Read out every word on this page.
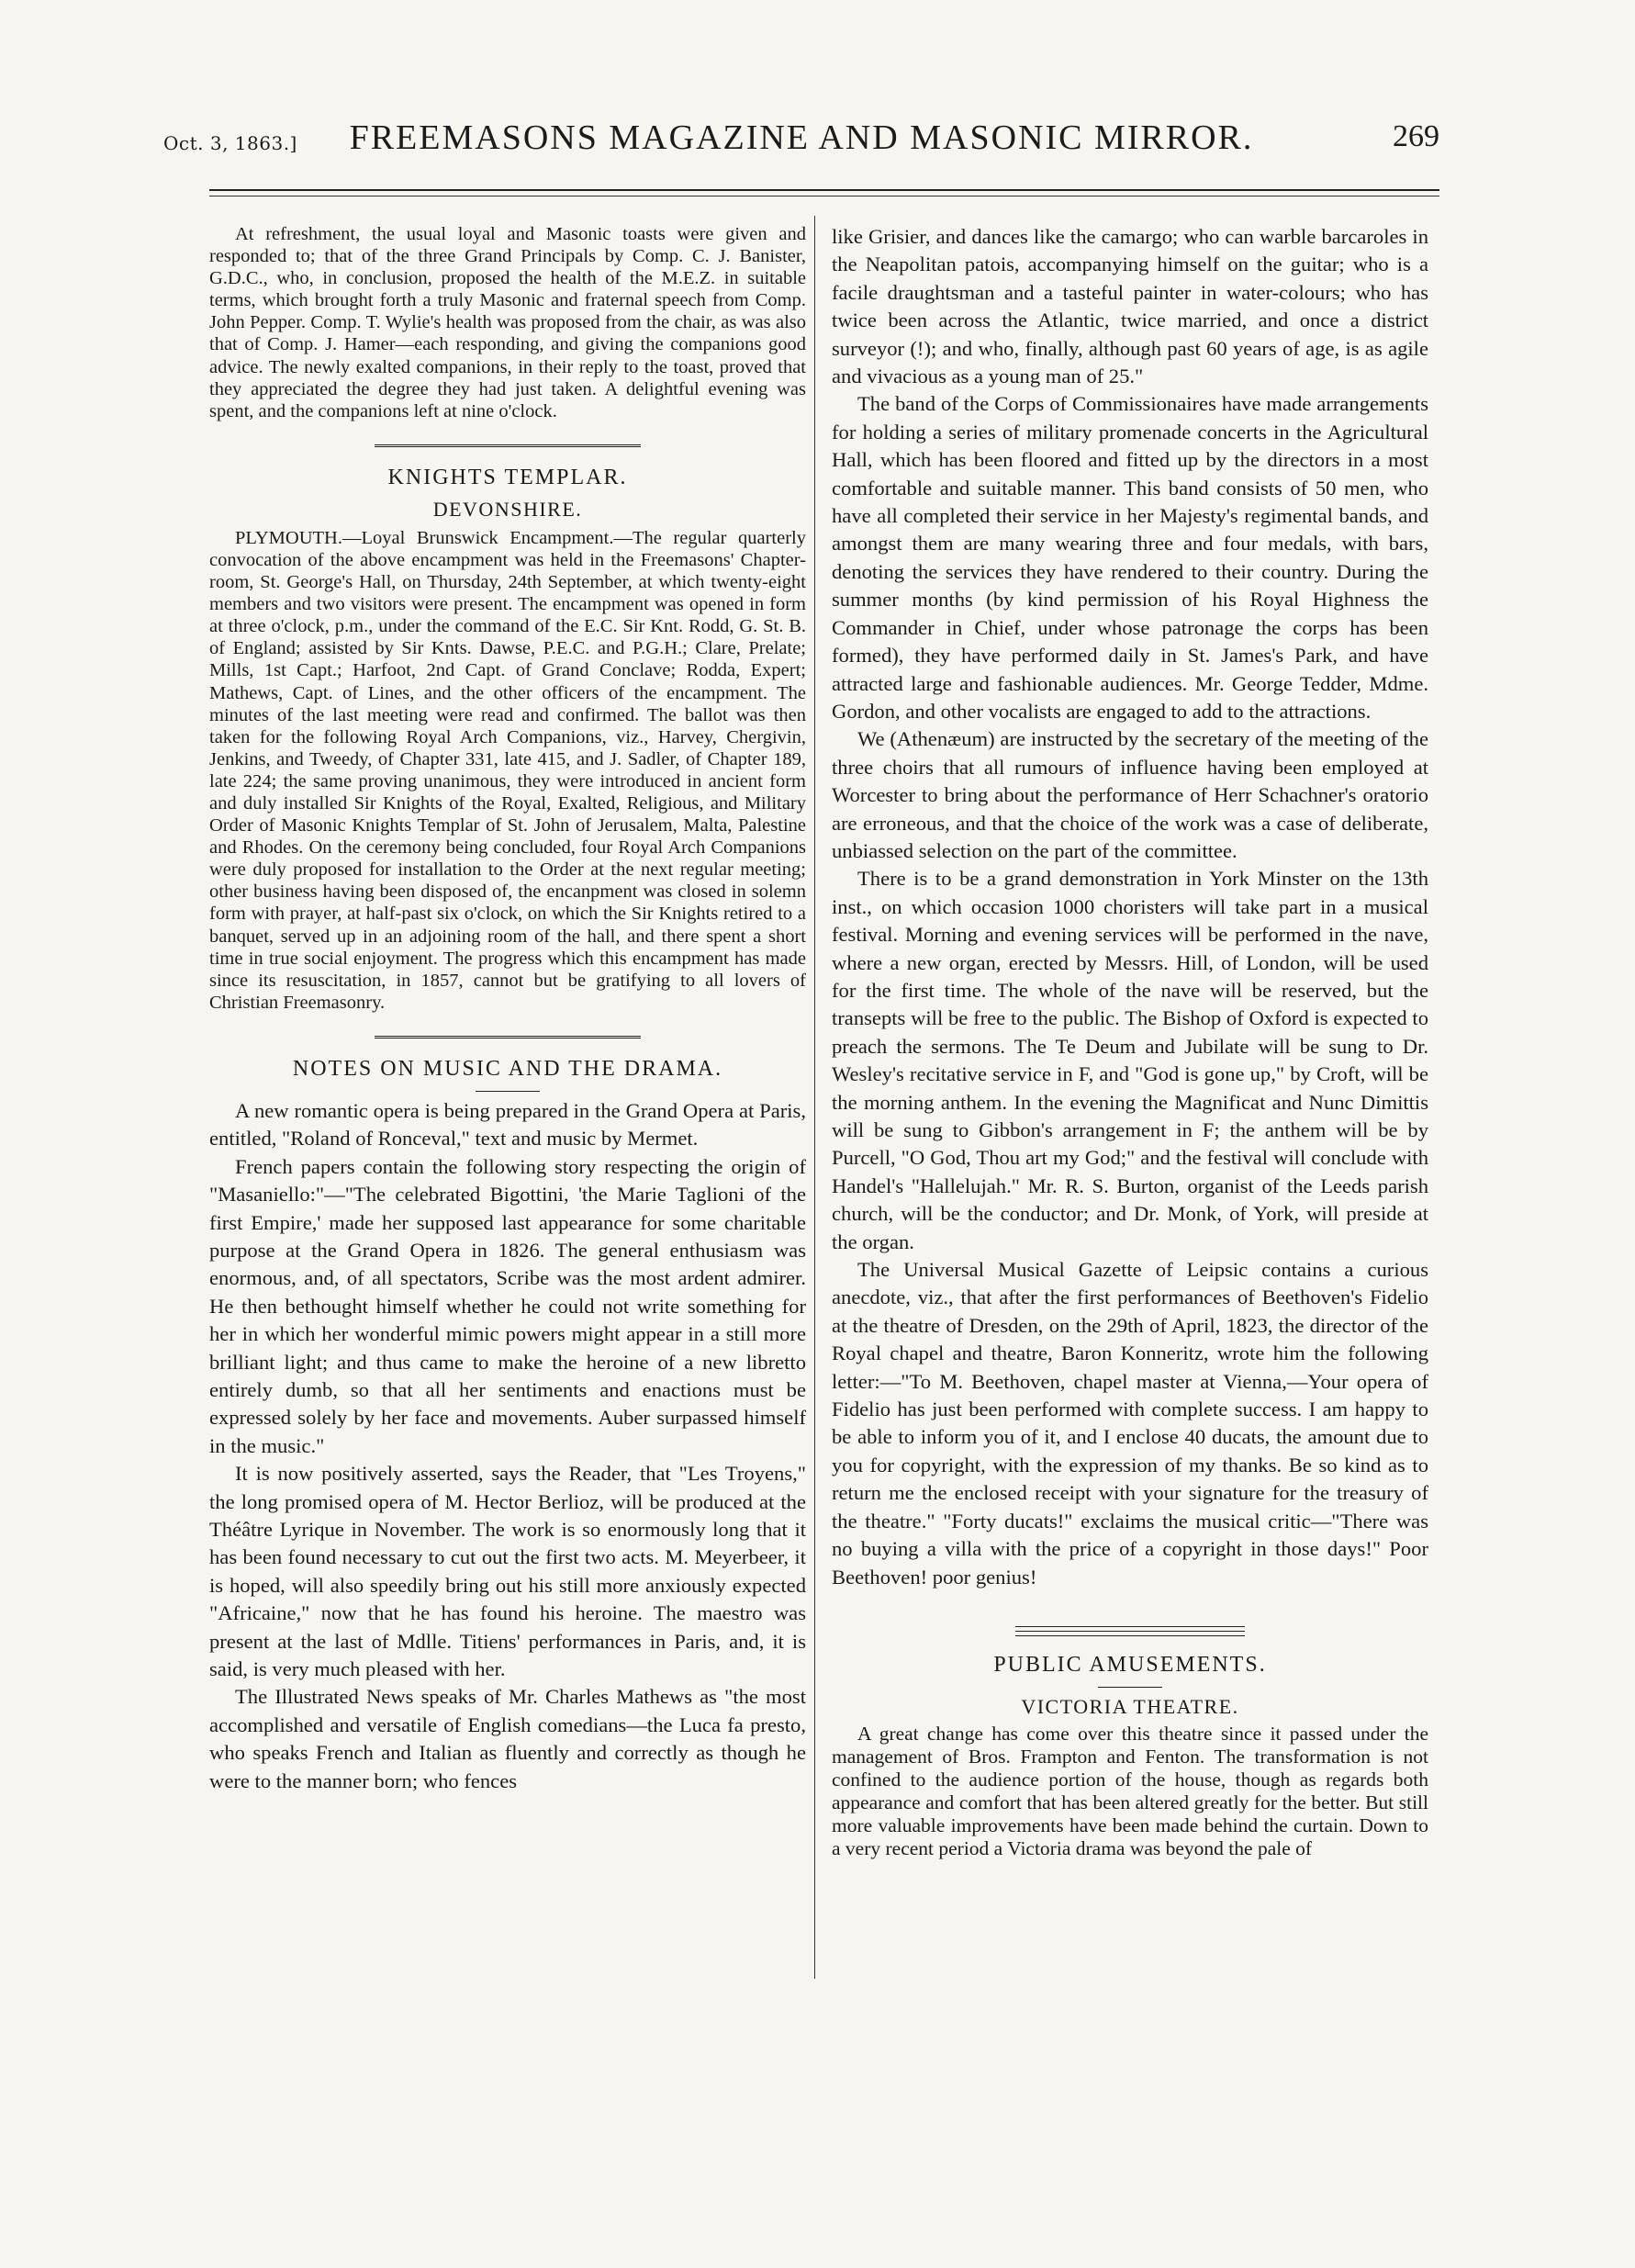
Oct. 3, 1863.]	FREEMASONS MAGAZINE AND MASONIC MIRROR.	269

At refreshment, the usual loyal and Masonic toasts were given and responded to; that of the three Grand Principals by Comp. C. J. Banister, G.D.C., who, in conclusion, proposed the health of the M.E.Z. in suitable terms, which brought forth a truly Masonic and fraternal speech from Comp. John Pepper. Comp. T. Wylie's health was proposed from the chair, as was also that of Comp. J. Hamer—each responding, and giving the companions good advice. The newly exalted companions, in their reply to the toast, proved that they appreciated the degree they had just taken. A delightful evening was spent, and the companions left at nine o'clock.

KNIGHTS TEMPLAR.
DEVONSHIRE.

PLYMOUTH.—Loyal Brunswick Encampment.—The regular quarterly convocation of the above encampment was held in the Freemasons' Chapter-room, St. George's Hall, on Thursday, 24th September, at which twenty-eight members and two visitors were present. The encampment was opened in form at three o'clock, p.m., under the command of the E.C. Sir Knt. Rodd, G. St. B. of England; assisted by Sir Knts. Dawse, P.E.C. and P.G.H.; Clare, Prelate; Mills, 1st Capt.; Harfoot, 2nd Capt. of Grand Conclave; Rodda, Expert; Mathews, Capt. of Lines, and the other officers of the encampment. The minutes of the last meeting were read and confirmed. The ballot was then taken for the following Royal Arch Companions, viz., Harvey, Chergivin, Jenkins, and Tweedy, of Chapter 331, late 415, and J. Sadler, of Chapter 189, late 224; the same proving unanimous, they were introduced in ancient form and duly installed Sir Knights of the Royal, Exalted, Religious, and Military Order of Masonic Knights Templar of St. John of Jerusalem, Malta, Palestine and Rhodes. On the ceremony being concluded, four Royal Arch Companions were duly proposed for installation to the Order at the next regular meeting; other business having been disposed of, the encanpment was closed in solemn form with prayer, at half-past six o'clock, on which the Sir Knights retired to a banquet, served up in an adjoining room of the hall, and there spent a short time in true social enjoyment. The progress which this encampment has made since its resuscitation, in 1857, cannot but be gratifying to all lovers of Christian Freemasonry.

NOTES ON MUSIC AND THE DRAMA.

A new romantic opera is being prepared in the Grand Opera at Paris, entitled, "Roland of Ronceval," text and music by Mermet.

French papers contain the following story respecting the origin of "Masaniello:"—"The celebrated Bigottini, 'the Marie Taglioni of the first Empire,' made her supposed last appearance for some charitable purpose at the Grand Opera in 1826. The general enthusiasm was enormous, and, of all spectators, Scribe was the most ardent admirer. He then bethought himself whether he could not write something for her in which her wonderful mimic powers might appear in a still more brilliant light; and thus came to make the heroine of a new libretto entirely dumb, so that all her sentiments and enactions must be expressed solely by her face and movements. Auber surpassed himself in the music."

It is now positively asserted, says the Reader, that "Les Troyens," the long promised opera of M. Hector Berlioz, will be produced at the Théâtre Lyrique in November. The work is so enormously long that it has been found necessary to cut out the first two acts. M. Meyerbeer, it is hoped, will also speedily bring out his still more anxiously expected "Africaine," now that he has found his heroine. The maestro was present at the last of Mdlle. Titiens' performances in Paris, and, it is said, is very much pleased with her.

The Illustrated News speaks of Mr. Charles Mathews as "the most accomplished and versatile of English comedians—the Luca fa presto, who speaks French and Italian as fluently and correctly as though he were to the manner born; who fences

like Grisier, and dances like the camargo; who can warble barcaroles in the Neapolitan patois, accompanying himself on the guitar; who is a facile draughtsman and a tasteful painter in water-colours; who has twice been across the Atlantic, twice married, and once a district surveyor (!); and who, finally, although past 60 years of age, is as agile and vivacious as a young man of 25."

The band of the Corps of Commissionaires have made arrangements for holding a series of military promenade concerts in the Agricultural Hall, which has been floored and fitted up by the directors in a most comfortable and suitable manner. This band consists of 50 men, who have all completed their service in her Majesty's regimental bands, and amongst them are many wearing three and four medals, with bars, denoting the services they have rendered to their country. During the summer months (by kind permission of his Royal Highness the Commander in Chief, under whose patronage the corps has been formed), they have performed daily in St. James's Park, and have attracted large and fashionable audiences. Mr. George Tedder, Mdme. Gordon, and other vocalists are engaged to add to the attractions.

We (Athenæum) are instructed by the secretary of the meeting of the three choirs that all rumours of influence having been employed at Worcester to bring about the performance of Herr Schachner's oratorio are erroneous, and that the choice of the work was a case of deliberate, unbiassed selection on the part of the committee.

There is to be a grand demonstration in York Minster on the 13th inst., on which occasion 1000 choristers will take part in a musical festival. Morning and evening services will be performed in the nave, where a new organ, erected by Messrs. Hill, of London, will be used for the first time. The whole of the nave will be reserved, but the transepts will be free to the public. The Bishop of Oxford is expected to preach the sermons. The Te Deum and Jubilate will be sung to Dr. Wesley's recitative service in F, and "God is gone up," by Croft, will be the morning anthem. In the evening the Magnificat and Nunc Dimittis will be sung to Gibbon's arrangement in F; the anthem will be by Purcell, "O God, Thou art my God;" and the festival will conclude with Handel's "Hallelujah." Mr. R. S. Burton, organist of the Leeds parish church, will be the conductor; and Dr. Monk, of York, will preside at the organ.

The Universal Musical Gazette of Leipsic contains a curious anecdote, viz., that after the first performances of Beethoven's Fidelio at the theatre of Dresden, on the 29th of April, 1823, the director of the Royal chapel and theatre, Baron Konneritz, wrote him the following letter:—"To M. Beethoven, chapel master at Vienna,—Your opera of Fidelio has just been performed with complete success. I am happy to be able to inform you of it, and I enclose 40 ducats, the amount due to you for copyright, with the expression of my thanks. Be so kind as to return me the enclosed receipt with your signature for the treasury of the theatre." "Forty ducats!" exclaims the musical critic—"There was no buying a villa with the price of a copyright in those days!" Poor Beethoven! poor genius!

PUBLIC AMUSEMENTS.
VICTORIA THEATRE.

A great change has come over this theatre since it passed under the management of Bros. Frampton and Fenton. The transformation is not confined to the audience portion of the house, though as regards both appearance and comfort that has been altered greatly for the better. But still more valuable improvements have been made behind the curtain. Down to a very recent period a Victoria drama was beyond the pale of
